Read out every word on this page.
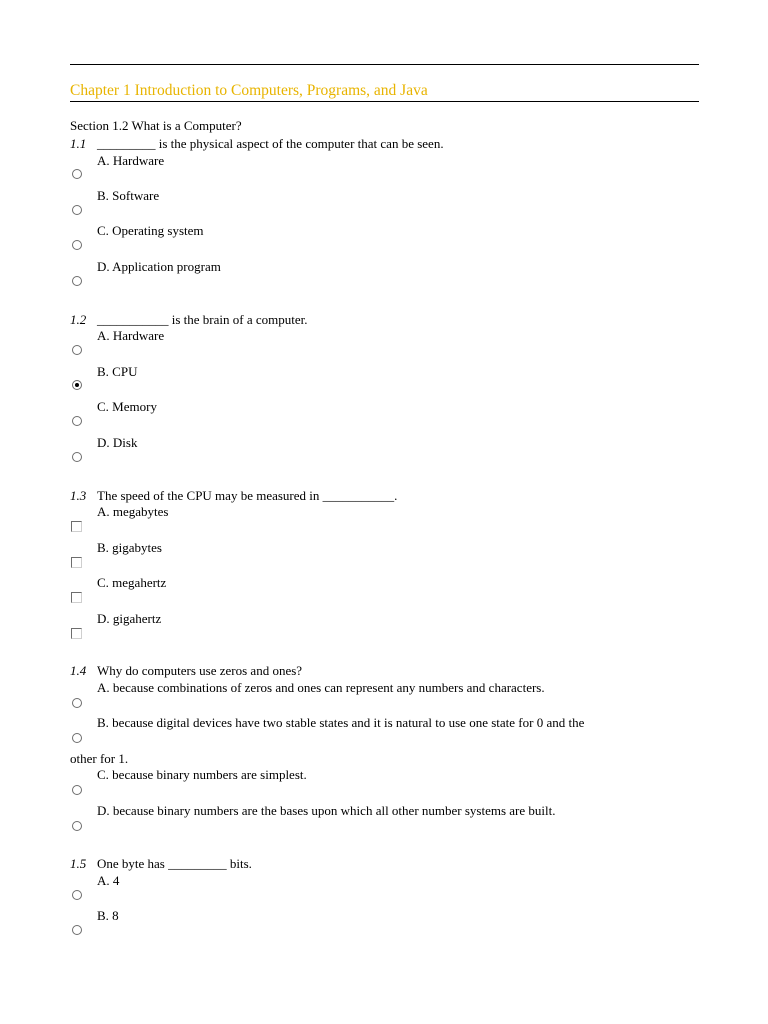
Chapter 1 Introduction to Computers, Programs, and Java
Section 1.2 What is a Computer?
1.1 _________ is the physical aspect of the computer that can be seen.
A. Hardware
B. Software
C. Operating system
D. Application program
1.2 ___________ is the brain of a computer.
A. Hardware
B. CPU
C. Memory
D. Disk
1.3 The speed of the CPU may be measured in ___________.
A. megabytes
B. gigabytes
C. megahertz
D. gigahertz
1.4 Why do computers use zeros and ones?
A. because combinations of zeros and ones can represent any numbers and characters.
B. because digital devices have two stable states and it is natural to use one state for 0 and the
other for 1.
C. because binary numbers are simplest.
D. because binary numbers are the bases upon which all other number systems are built.
1.5 One byte has _________ bits.
A. 4
B. 8
